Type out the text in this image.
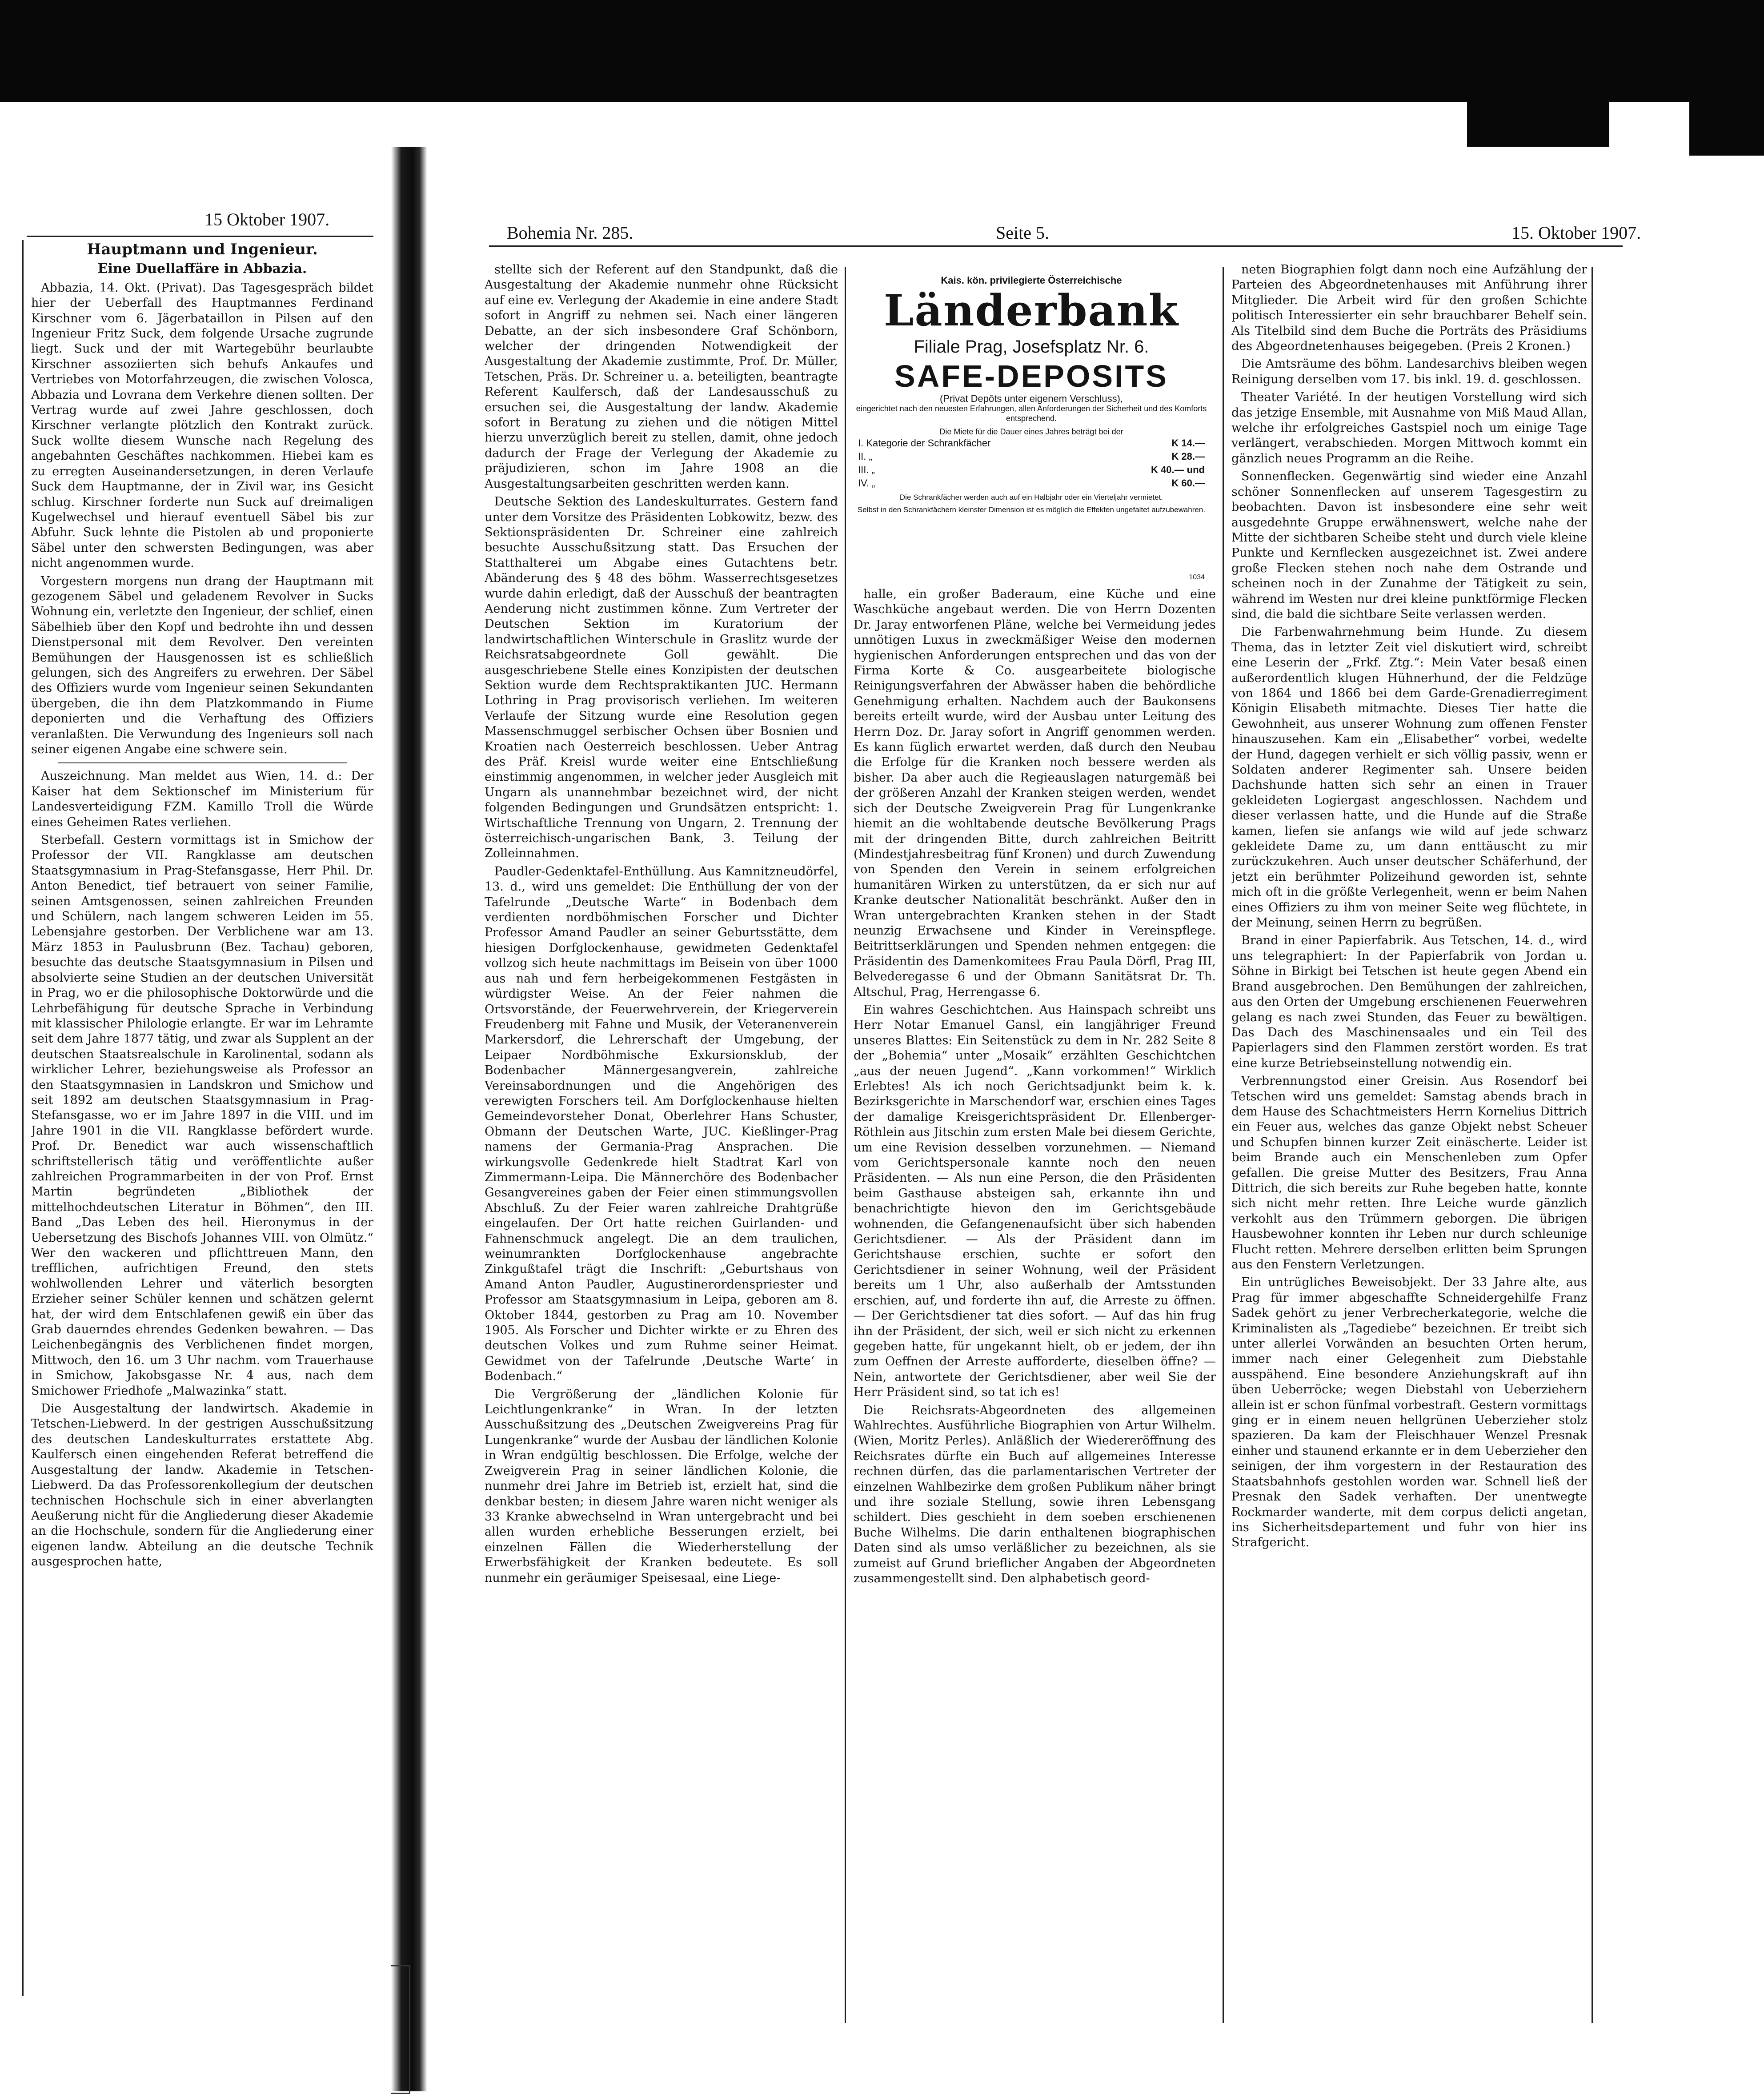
15 Oktober 1907.
Hauptmann und Ingenieur.
Eine Duellaffäre in Abbazia.

Abbazia, 14. Okt. (Privat). Das Tagesgespräch bildet hier der Ueberfall des Hauptmannes Ferdinand Kirschner vom 6. Jägerbataillon in Pilsen auf den Ingenieur Fritz Suck, dem folgende Ursache zugrunde liegt. Suck und der mit Wartegebühr beurlaubte Kirschner assoziierten sich behufs Ankaufes und Vertriebes von Motorfahrzeugen, die zwischen Volosca, Abbazia und Lovrana dem Verkehre dienen sollten. Der Vertrag wurde auf zwei Jahre geschlossen, doch Kirschner verlangte plötzlich den Kontrakt zurück. Suck wollte diesem Wunsche nach Regelung des angebahnten Geschäftes nachkommen. Hiebei kam es zu erregten Auseinandersetzungen, in deren Verlaufe Suck dem Hauptmanne, der in Zivil war, ins Gesicht schlug. Kirschner forderte nun Suck auf dreimaligen Kugelwechsel und hierauf eventuell Säbel bis zur Abfuhr. Suck lehnte die Pistolen ab und proponierte Säbel unter den schwersten Bedingungen, was aber nicht angenommen wurde.

Vorgestern morgens nun drang der Hauptmann mit gezogenem Säbel und geladenem Revolver in Sucks Wohnung ein, verletzte den Ingenieur, der schlief, einen Säbelhieb über den Kopf und bedrohte ihn und dessen Dienstpersonal mit dem Revolver. Den vereinten Bemühungen der Hausgenossen ist es schließlich gelungen, sich des Angreifers zu erwehren. Der Säbel des Offiziers wurde vom Ingenieur seinen Sekundanten übergeben, die ihn dem Platzkommando in Fiume deponierten und die Verhaftung des Offiziers veranlaßten. Die Verwundung des Ingenieurs soll nach seiner eigenen Angabe eine schwere sein.

Auszeichnung. Man meldet aus Wien, 14. d.: Der Kaiser hat dem Sektionschef im Ministerium für Landesverteidigung FZM. Kamillo Troll die Würde eines Geheimen Rates verliehen.

Sterbefall. Gestern vormittags ist in Smichow der Professor der VII. Rangklasse am deutschen Staatsgymnasium in Prag-Stefansgasse, Herr Phil. Dr. Anton Benedict, tief betrauert von seiner Familie, seinen Amtsgenossen, seinen zahlreichen Freunden und Schülern, nach langem schweren Leiden im 55. Lebensjahre gestorben. Der Verblichene war am 13. März 1853 in Paulusbrunn (Bez. Tachau) geboren, besuchte das deutsche Staatsgymnasium in Pilsen und absolvierte seine Studien an der deutschen Universität in Prag, wo er die philosophische Doktorwürde und die Lehrbefähigung für deutsche Sprache in Verbindung mit klassischer Philologie erlangte. Er war im Lehramte seit dem Jahre 1877 tätig, und zwar als Supplent an der deutschen Staatsrealschule in Karolinental, sodann als wirklicher Lehrer, beziehungsweise als Professor an den Staatsgymnasien in Landskron und Smichow und seit 1892 am deutschen Staatsgymnasium in Prag-Stefansgasse, wo er im Jahre 1897 in die VIII. und im Jahre 1901 in die VII. Rangklasse befördert wurde. Prof. Dr. Benedict war auch wissenschaftlich schriftstellerisch tätig und veröffentlichte außer zahlreichen Programmarbeiten in der von Prof. Ernst Martin begründeten „Bibliothek der mittelhochdeutschen Literatur in Böhmen“, den III. Band „Das Leben des heil. Hieronymus in der Uebersetzung des Bischofs Johannes VIII. von Olmütz.“ Wer den wackeren und pflichttreuen Mann, den trefflichen, aufrichtigen Freund, den stets wohlwollenden Lehrer und väterlich besorgten Erzieher seiner Schüler kennen und schätzen gelernt hat, der wird dem Entschlafenen gewiß ein über das Grab dauerndes ehrendes Gedenken bewahren. — Das Leichenbegängnis des Verblichenen findet morgen, Mittwoch, den 16. um 3 Uhr nachm. vom Trauerhause in Smichow, Jakobsgasse Nr. 4 aus, nach dem Smichower Friedhofe „Malwazinka“ statt.

Die Ausgestaltung der landwirtsch. Akademie in Tetschen-Liebwerd. In der gestrigen Ausschußsitzung des deutschen Landeskulturrates erstattete Abg. Kaulfersch einen eingehenden Referat betreffend die Ausgestaltung der landw. Akademie in Tetschen-Liebwerd. Da das Professorenkollegium der deutschen technischen Hochschule sich in einer abverlangten Aeußerung nicht für die Angliederung dieser Akademie an die Hochschule, sondern für die Angliederung einer eigenen landw. Abteilung an die deutsche Technik ausgesprochen hatte,

Bohemia Nr. 285.	Seite 5.	15. Oktober 1907.

stellte sich der Referent auf den Standpunkt, daß die Ausgestaltung der Akademie nunmehr ohne Rücksicht auf eine ev. Verlegung der Akademie in eine andere Stadt sofort in Angriff zu nehmen sei. Nach einer längeren Debatte, an der sich insbesondere Graf Schönborn, welcher der dringenden Notwendigkeit der Ausgestaltung der Akademie zustimmte, Prof. Dr. Müller, Tetschen, Präs. Dr. Schreiner u. a. beteiligten, beantragte Referent Kaulfersch, daß der Landesausschuß zu ersuchen sei, die Ausgestaltung der landw. Akademie sofort in Beratung zu ziehen und die nötigen Mittel hierzu unverzüglich bereit zu stellen, damit, ohne jedoch dadurch der Frage der Verlegung der Akademie zu präjudizieren, schon im Jahre 1908 an die Ausgestaltungsarbeiten geschritten werden kann.

Deutsche Sektion des Landeskulturrates. Gestern fand unter dem Vorsitze des Präsidenten Lobkowitz, bezw. des Sektionspräsidenten Dr. Schreiner eine zahlreich besuchte Ausschußsitzung statt. Das Ersuchen der Statthalterei um Abgabe eines Gutachtens betr. Abänderung des § 48 des böhm. Wasserrechtsgesetzes wurde dahin erledigt, daß der Ausschuß der beantragten Aenderung nicht zustimmen könne. Zum Vertreter der Deutschen Sektion im Kuratorium der landwirtschaftlichen Winterschule in Graslitz wurde der Reichsratsabgeordnete Goll gewählt. Die ausgeschriebene Stelle eines Konzipisten der deutschen Sektion wurde dem Rechtspraktikanten JUC. Hermann Lothring in Prag provisorisch verliehen. Im weiteren Verlaufe der Sitzung wurde eine Resolution gegen Massenschmuggel serbischer Ochsen über Bosnien und Kroatien nach Oesterreich beschlossen. Ueber Antrag des Präf. Kreisl wurde weiter eine Entschließung einstimmig angenommen, in welcher jeder Ausgleich mit Ungarn als unannehmbar bezeichnet wird, der nicht folgenden Bedingungen und Grundsätzen entspricht: 1. Wirtschaftliche Trennung von Ungarn, 2. Trennung der österreichisch-ungarischen Bank, 3. Teilung der Zolleinnahmen.

Paudler-Gedenktafel-Enthüllung. Aus Kamnitzneudörfel, 13. d., wird uns gemeldet: Die Enthüllung der von der Tafelrunde „Deutsche Warte“ in Bodenbach dem verdienten nordböhmischen Forscher und Dichter Professor Amand Paudler an seiner Geburtsstätte, dem hiesigen Dorfglockenhause, gewidmeten Gedenktafel vollzog sich heute nachmittags im Beisein von über 1000 aus nah und fern herbeigekommenen Festgästen in würdigster Weise. An der Feier nahmen die Ortsvorstände, der Feuerwehrverein, der Kriegerverein Freudenberg mit Fahne und Musik, der Veteranenverein Markersdorf, die Lehrerschaft der Umgebung, der Leipaer Nordböhmische Exkursionsklub, der Bodenbacher Männergesangverein, zahlreiche Vereinsabordnungen und die Angehörigen des verewigten Forschers teil. Am Dorfglockenhause hielten Gemeindevorsteher Donat, Oberlehrer Hans Schuster, Obmann der Deutschen Warte, JUC. Kießlinger-Prag namens der Germania-Prag Ansprachen. Die wirkungsvolle Gedenkrede hielt Stadtrat Karl von Zimmermann-Leipa. Die Männerchöre des Bodenbacher Gesangvereines gaben der Feier einen stimmungsvollen Abschluß. Zu der Feier waren zahlreiche Drahtgrüße eingelaufen. Der Ort hatte reichen Guirlanden- und Fahnenschmuck angelegt. Die an dem traulichen, weinumrankten Dorfglockenhause angebrachte Zinkgußtafel trägt die Inschrift: „Geburtshaus von Amand Anton Paudler, Augustinerordenspriester und Professor am Staatsgymnasium in Leipa, geboren am 8. Oktober 1844, gestorben zu Prag am 10. November 1905. Als Forscher und Dichter wirkte er zu Ehren des deutschen Volkes und zum Ruhme seiner Heimat. Gewidmet von der Tafelrunde ‚Deutsche Warte‘ in Bodenbach.“

Die Vergrößerung der „ländlichen Kolonie für Leichtlungenkranke“ in Wran. In der letzten Ausschußsitzung des „Deutschen Zweigvereins Prag für Lungenkranke“ wurde der Ausbau der ländlichen Kolonie in Wran endgültig beschlossen. Die Erfolge, welche der Zweigverein Prag in seiner ländlichen Kolonie, die nunmehr drei Jahre im Betrieb ist, erzielt hat, sind die denkbar besten; in diesem Jahre waren nicht weniger als 33 Kranke abwechselnd in Wran untergebracht und bei allen wurden erhebliche Besserungen erzielt, bei einzelnen Fällen die Wiederherstellung der Erwerbsfähigkeit der Kranken bedeutete. Es soll nunmehr ein geräumiger Speisesaal, eine Liege-

halle, ein großer Baderaum, eine Küche und eine Waschküche angebaut werden. Die von Herrn Dozenten Dr. Jaray entworfenen Pläne, welche bei Vermeidung jedes unnötigen Luxus in zweckmäßiger Weise den modernen hygienischen Anforderungen entsprechen und das von der Firma Korte & Co. ausgearbeitete biologische Reinigungsverfahren der Abwässer haben die behördliche Genehmigung erhalten. Nachdem auch der Baukonsens bereits erteilt wurde, wird der Ausbau unter Leitung des Herrn Doz. Dr. Jaray sofort in Angriff genommen werden. Es kann füglich erwartet werden, daß durch den Neubau die Erfolge für die Kranken noch bessere werden als bisher. Da aber auch die Regieauslagen naturgemäß bei der größeren Anzahl der Kranken steigen werden, wendet sich der Deutsche Zweigverein Prag für Lungenkranke hiemit an die wohltabende deutsche Bevölkerung Prags mit der dringenden Bitte, durch zahlreichen Beitritt (Mindestjahresbeitrag fünf Kronen) und durch Zuwendung von Spenden den Verein in seinem erfolgreichen humanitären Wirken zu unterstützen, da er sich nur auf Kranke deutscher Nationalität beschränkt. Außer den in Wran untergebrachten Kranken stehen in der Stadt neunzig Erwachsene und Kinder in Vereinspflege. Beitrittserklärungen und Spenden nehmen entgegen: die Präsidentin des Damenkomitees Frau Paula Dörfl, Prag III, Belvederegasse 6 und der Obmann Sanitätsrat Dr. Th. Altschul, Prag, Herrengasse 6.

Ein wahres Geschichtchen. Aus Hainspach schreibt uns Herr Notar Emanuel Gansl, ein langjähriger Freund unseres Blattes: Ein Seitenstück zu dem in Nr. 282 Seite 8 der „Bohemia“ unter „Mosaik“ erzählten Geschichtchen „aus der neuen Jugend“. „Kann vorkommen!“ Wirklich Erlebtes! Als ich noch Gerichtsadjunkt beim k. k. Bezirksgerichte in Marschendorf war, erschien eines Tages der damalige Kreisgerichtspräsident Dr. Ellenberger-Röthlein aus Jitschin zum ersten Male bei diesem Gerichte, um eine Revision desselben vorzunehmen. — Niemand vom Gerichtspersonale kannte noch den neuen Präsidenten. — Als nun eine Person, die den Präsidenten beim Gasthause absteigen sah, erkannte ihn und benachrichtigte hievon den im Gerichtsgebäude wohnenden, die Gefangenenaufsicht über sich habenden Gerichtsdiener. — Als der Präsident dann im Gerichtshause erschien, suchte er sofort den Gerichtsdiener in seiner Wohnung, weil der Präsident bereits um 1 Uhr, also außerhalb der Amtsstunden erschien, auf, und forderte ihn auf, die Arreste zu öffnen. — Der Gerichtsdiener tat dies sofort. — Auf das hin frug ihn der Präsident, der sich, weil er sich nicht zu erkennen gegeben hatte, für ungekannt hielt, ob er jedem, der ihn zum Oeffnen der Arreste aufforderte, dieselben öffne? — Nein, antwortete der Gerichtsdiener, aber weil Sie der Herr Präsident sind, so tat ich es!

Die Reichsrats-Abgeordneten des allgemeinen Wahlrechtes. Ausführliche Biographien von Artur Wilhelm. (Wien, Moritz Perles). Anläßlich der Wiedereröffnung des Reichsrates dürfte ein Buch auf allgemeines Interesse rechnen dürfen, das die parlamentarischen Vertreter der einzelnen Wahlbezirke dem großen Publikum näher bringt und ihre soziale Stellung, sowie ihren Lebensgang schildert. Dies geschieht in dem soeben erschienenen Buche Wilhelms. Die darin enthaltenen biographischen Daten sind als umso verläßlicher zu bezeichnen, als sie zumeist auf Grund brieflicher Angaben der Abgeordneten zusammengestellt sind. Den alphabetisch geord-

neten Biographien folgt dann noch eine Aufzählung der Parteien des Abgeordnetenhauses mit Anführung ihrer Mitglieder. Die Arbeit wird für den großen Schichte politisch Interessierter ein sehr brauchbarer Behelf sein. Als Titelbild sind dem Buche die Porträts des Präsidiums des Abgeordnetenhauses beigegeben. (Preis 2 Kronen.)

Die Amtsräume des böhm. Landesarchivs bleiben wegen Reinigung derselben vom 17. bis inkl. 19. d. geschlossen.

Theater Variété. In der heutigen Vorstellung wird sich das jetzige Ensemble, mit Ausnahme von Miß Maud Allan, welche ihr erfolgreiches Gastspiel noch um einige Tage verlängert, verabschieden. Morgen Mittwoch kommt ein gänzlich neues Programm an die Reihe.

Sonnenflecken. Gegenwärtig sind wieder eine Anzahl schöner Sonnenflecken auf unserem Tagesgestirn zu beobachten. Davon ist insbesondere eine sehr weit ausgedehnte Gruppe erwähnenswert, welche nahe der Mitte der sichtbaren Scheibe steht und durch viele kleine Punkte und Kernflecken ausgezeichnet ist. Zwei andere große Flecken stehen noch nahe dem Ostrande und scheinen noch in der Zunahme der Tätigkeit zu sein, während im Westen nur drei kleine punktförmige Flecken sind, die bald die sichtbare Seite verlassen werden.

Die Farbenwahrnehmung beim Hunde. Zu diesem Thema, das in letzter Zeit viel diskutiert wird, schreibt eine Leserin der „Frkf. Ztg.“: Mein Vater besaß einen außerordentlich klugen Hühnerhund, der die Feldzüge von 1864 und 1866 bei dem Garde-Grenadierregiment Königin Elisabeth mitmachte. Dieses Tier hatte die Gewohnheit, aus unserer Wohnung zum offenen Fenster hinauszusehen. Kam ein „Elisabether“ vorbei, wedelte der Hund, dagegen verhielt er sich völlig passiv, wenn er Soldaten anderer Regimenter sah. Unsere beiden Dachshunde hatten sich sehr an einen in Trauer gekleideten Logiergast angeschlossen. Nachdem und dieser verlassen hatte, und die Hunde auf die Straße kamen, liefen sie anfangs wie wild auf jede schwarz gekleidete Dame zu, um dann enttäuscht zu mir zurückzukehren. Auch unser deutscher Schäferhund, der jetzt ein berühmter Polizeihund geworden ist, sehnte mich oft in die größte Verlegenheit, wenn er beim Nahen eines Offiziers zu ihm von meiner Seite weg flüchtete, in der Meinung, seinen Herrn zu begrüßen.

Brand in einer Papierfabrik. Aus Tetschen, 14. d., wird uns telegraphiert: In der Papierfabrik von Jordan u. Söhne in Birkigt bei Tetschen ist heute gegen Abend ein Brand ausgebrochen. Den Bemühungen der zahlreichen, aus den Orten der Umgebung erschienenen Feuerwehren gelang es nach zwei Stunden, das Feuer zu bewältigen. Das Dach des Maschinensaales und ein Teil des Papierlagers sind den Flammen zerstört worden. Es trat eine kurze Betriebseinstellung notwendig ein.

Verbrennungstod einer Greisin. Aus Rosendorf bei Tetschen wird uns gemeldet: Samstag abends brach in dem Hause des Schachtmeisters Herrn Kornelius Dittrich ein Feuer aus, welches das ganze Objekt nebst Scheuer und Schupfen binnen kurzer Zeit einäscherte. Leider ist beim Brande auch ein Menschenleben zum Opfer gefallen. Die greise Mutter des Besitzers, Frau Anna Dittrich, die sich bereits zur Ruhe begeben hatte, konnte sich nicht mehr retten. Ihre Leiche wurde gänzlich verkohlt aus den Trümmern geborgen. Die übrigen Hausbewohner konnten ihr Leben nur durch schleunige Flucht retten. Mehrere derselben erlitten beim Sprungen aus den Fenstern Verletzungen.

Ein untrügliches Beweisobjekt. Der 33 Jahre alte, aus Prag für immer abgeschaffte Schneidergehilfe Franz Sadek gehört zu jener Verbrecherkategorie, welche die Kriminalisten als „Tagediebe“ bezeichnen. Er treibt sich unter allerlei Vorwänden an besuchten Orten herum, immer nach einer Gelegenheit zum Diebstahle ausspähend. Eine besondere Anziehungskraft auf ihn üben Ueberröcke; wegen Diebstahl von Ueberziehern allein ist er schon fünfmal vorbestraft. Gestern vormittags ging er in einem neuen hellgrünen Ueberzieher stolz spazieren. Da kam der Fleischhauer Wenzel Presnak einher und staunend erkannte er in dem Ueberzieher den seinigen, der ihm vorgestern in der Restauration des Staatsbahnhofs gestohlen worden war. Schnell ließ der Presnak den Sadek verhaften. Der unentwegte Rockmarder wanderte, mit dem corpus delicti angetan, ins Sicherheitsdepartement und fuhr von hier ins Strafgericht.

Kais. kön. privilegierte Österreichische
Länderbank
Filiale Prag, Josefsplatz Nr. 6.
SAFE-DEPOSITS
(Privat Depôts unter eigenem Verschluss),
eingerichtet nach den neuesten Erfahrungen, allen Anforderungen der Sicherheit und des Komforts entsprechend.
Die Miete für die Dauer eines Jahres beträgt bei der
I. Kategorie der Schrankfächer	K 14.—
II. „	K 28.—
III. „	K 40.— und
IV. „	K 60.—
Die Schrankfächer werden auch auf ein Halbjahr oder ein Vierteljahr vermietet.
Selbst in den Schrankfächern kleinster Dimension ist es möglich die Effekten ungefaltet aufzubewahren.
1034
